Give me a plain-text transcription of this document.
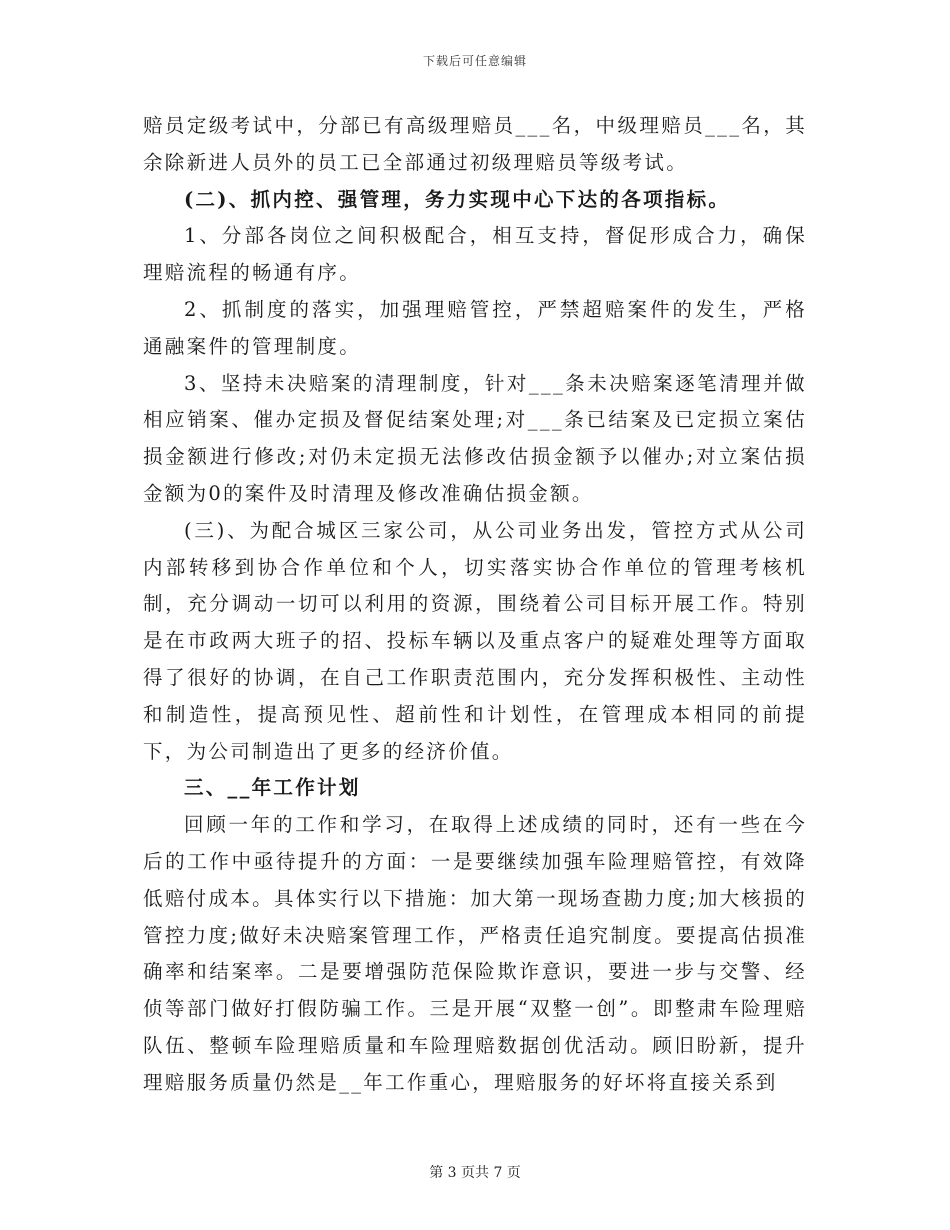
下载后可任意编辑

赔员定级考试中，分部已有高级理赔员___名，中级理赔员___名，其余除新进人员外的员工已全部通过初级理赔员等级考试。

(二)、抓内控、强管理，务力实现中心下达的各项指标。

1、分部各岗位之间积极配合，相互支持，督促形成合力，确保理赔流程的畅通有序。

2、抓制度的落实，加强理赔管控，严禁超赔案件的发生，严格通融案件的管理制度。

3、坚持未决赔案的清理制度，针对___条未决赔案逐笔清理并做相应销案、催办定损及督促结案处理;对___条已结案及已定损立案估损金额进行修改;对仍未定损无法修改估损金额予以催办;对立案估损金额为0的案件及时清理及修改准确估损金额。

(三)、为配合城区三家公司，从公司业务出发，管控方式从公司内部转移到协合作单位和个人，切实落实协合作单位的管理考核机制，充分调动一切可以利用的资源，围绕着公司目标开展工作。特别是在市政两大班子的招、投标车辆以及重点客户的疑难处理等方面取得了很好的协调，在自己工作职责范围内，充分发挥积极性、主动性和制造性，提高预见性、超前性和计划性，在管理成本相同的前提下，为公司制造出了更多的经济价值。

三、__年工作计划

回顾一年的工作和学习，在取得上述成绩的同时，还有一些在今后的工作中亟待提升的方面：一是要继续加强车险理赔管控，有效降低赔付成本。具体实行以下措施：加大第一现场查勘力度;加大核损的管控力度;做好未决赔案管理工作，严格责任追究制度。要提高估损准确率和结案率。二是要增强防范保险欺诈意识，要进一步与交警、经侦等部门做好打假防骗工作。三是开展“双整一创”。即整肃车险理赔队伍、整顿车险理赔质量和车险理赔数据创优活动。顾旧盼新，提升理赔服务质量仍然是__年工作重心，理赔服务的好坏将直接关系到

第 3 页共 7 页
